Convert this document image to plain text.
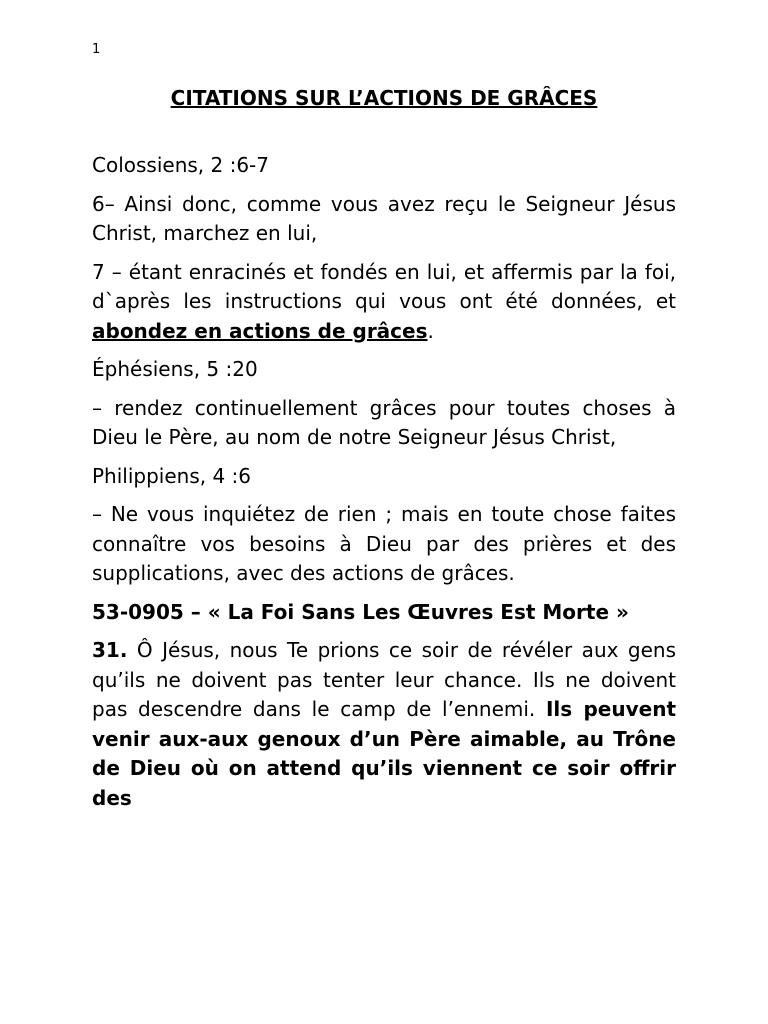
1
CITATIONS SUR L’ACTIONS DE GRÂCES

Colossiens, 2 :6-7

6– Ainsi donc, comme vous avez reçu le Seigneur Jésus Christ, marchez en lui,

7 – étant enracinés et fondés en lui, et affermis par la foi, d`après les instructions qui vous ont été données, et abondez en actions de grâces.

Éphésiens, 5 :20

– rendez continuellement grâces pour toutes choses à Dieu le Père, au nom de notre Seigneur Jésus Christ,

Philippiens, 4 :6

– Ne vous inquiétez de rien ; mais en toute chose faites connaître vos besoins à Dieu par des prières et des supplications, avec des actions de grâces.

53-0905 – « La Foi Sans Les Œuvres Est Morte »

31. Ô Jésus, nous Te prions ce soir de révéler aux gens qu’ils ne doivent pas tenter leur chance. Ils ne doivent pas descendre dans le camp de l’ennemi. Ils peuvent venir aux-aux genoux d’un Père aimable, au Trône de Dieu où on attend qu’ils viennent ce soir offrir des
